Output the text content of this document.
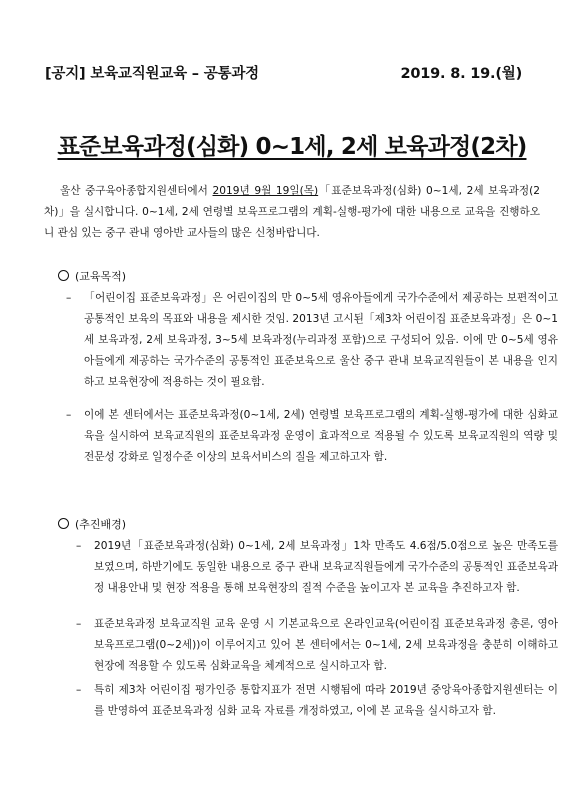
[공지] 보육교직원교육 – 공통과정	2019. 8. 19.(월)
표준보육과정(심화) 0~1세, 2세 보육과정(2차)

울산 중구육아종합지원센터에서 2019년 9월 19일(목)「표준보육과정(심화) 0~1세, 2세 보육과정(2차)」을 실시합니다. 0~1세, 2세 연령별 보육프로그램의 계획-실행-평가에 대한 내용으로 교육을 진행하오니 관심 있는 중구 관내 영아반 교사들의 많은 신청바랍니다.

(교육목적)

– 「어린이집 표준보육과정」은 어린이집의 만 0~5세 영유아들에게 국가수준에서 제공하는 보편적이고 공통적인 보육의 목표와 내용을 제시한 것임. 2013년 고시된「제3차 어린이집 표준보육과정」은 0~1세 보육과정, 2세 보육과정, 3~5세 보육과정(누리과정 포함)으로 구성되어 있음. 이에 만 0~5세 영유아들에게 제공하는 국가수준의 공통적인 표준보육으로 울산 중구 관내 보육교직원들이 본 내용을 인지하고 보육현장에 적용하는 것이 필요함.

– 이에 본 센터에서는 표준보육과정(0~1세, 2세) 연령별 보육프로그램의 계획-실행-평가에 대한 심화교육을 실시하여 보육교직원의 표준보육과정 운영이 효과적으로 적용될 수 있도록 보육교직원의 역량 및 전문성 강화로 일정수준 이상의 보육서비스의 질을 제고하고자 함.

(추진배경)

– 2019년「표준보육과정(심화) 0~1세, 2세 보육과정」1차 만족도 4.6점/5.0점으로 높은 만족도를 보였으며, 하반기에도 동일한 내용으로 중구 관내 보육교직원들에게 국가수준의 공통적인 표준보육과정 내용안내 및 현장 적용을 통해 보육현장의 질적 수준을 높이고자 본 교육을 추진하고자 함.

– 표준보육과정 보육교직원 교육 운영 시 기본교육으로 온라인교육(어린이집 표준보육과정 총론, 영아보육프로그램(0~2세))이 이루어지고 있어 본 센터에서는 0~1세, 2세 보육과정을 충분히 이해하고 현장에 적용할 수 있도록 심화교육을 체계적으로 실시하고자 함.

– 특히 제3차 어린이집 평가인증 통합지표가 전면 시행됨에 따라 2019년 중앙육아종합지원센터는 이를 반영하여 표준보육과정 심화 교육 자료를 개정하였고, 이에 본 교육을 실시하고자 함.
